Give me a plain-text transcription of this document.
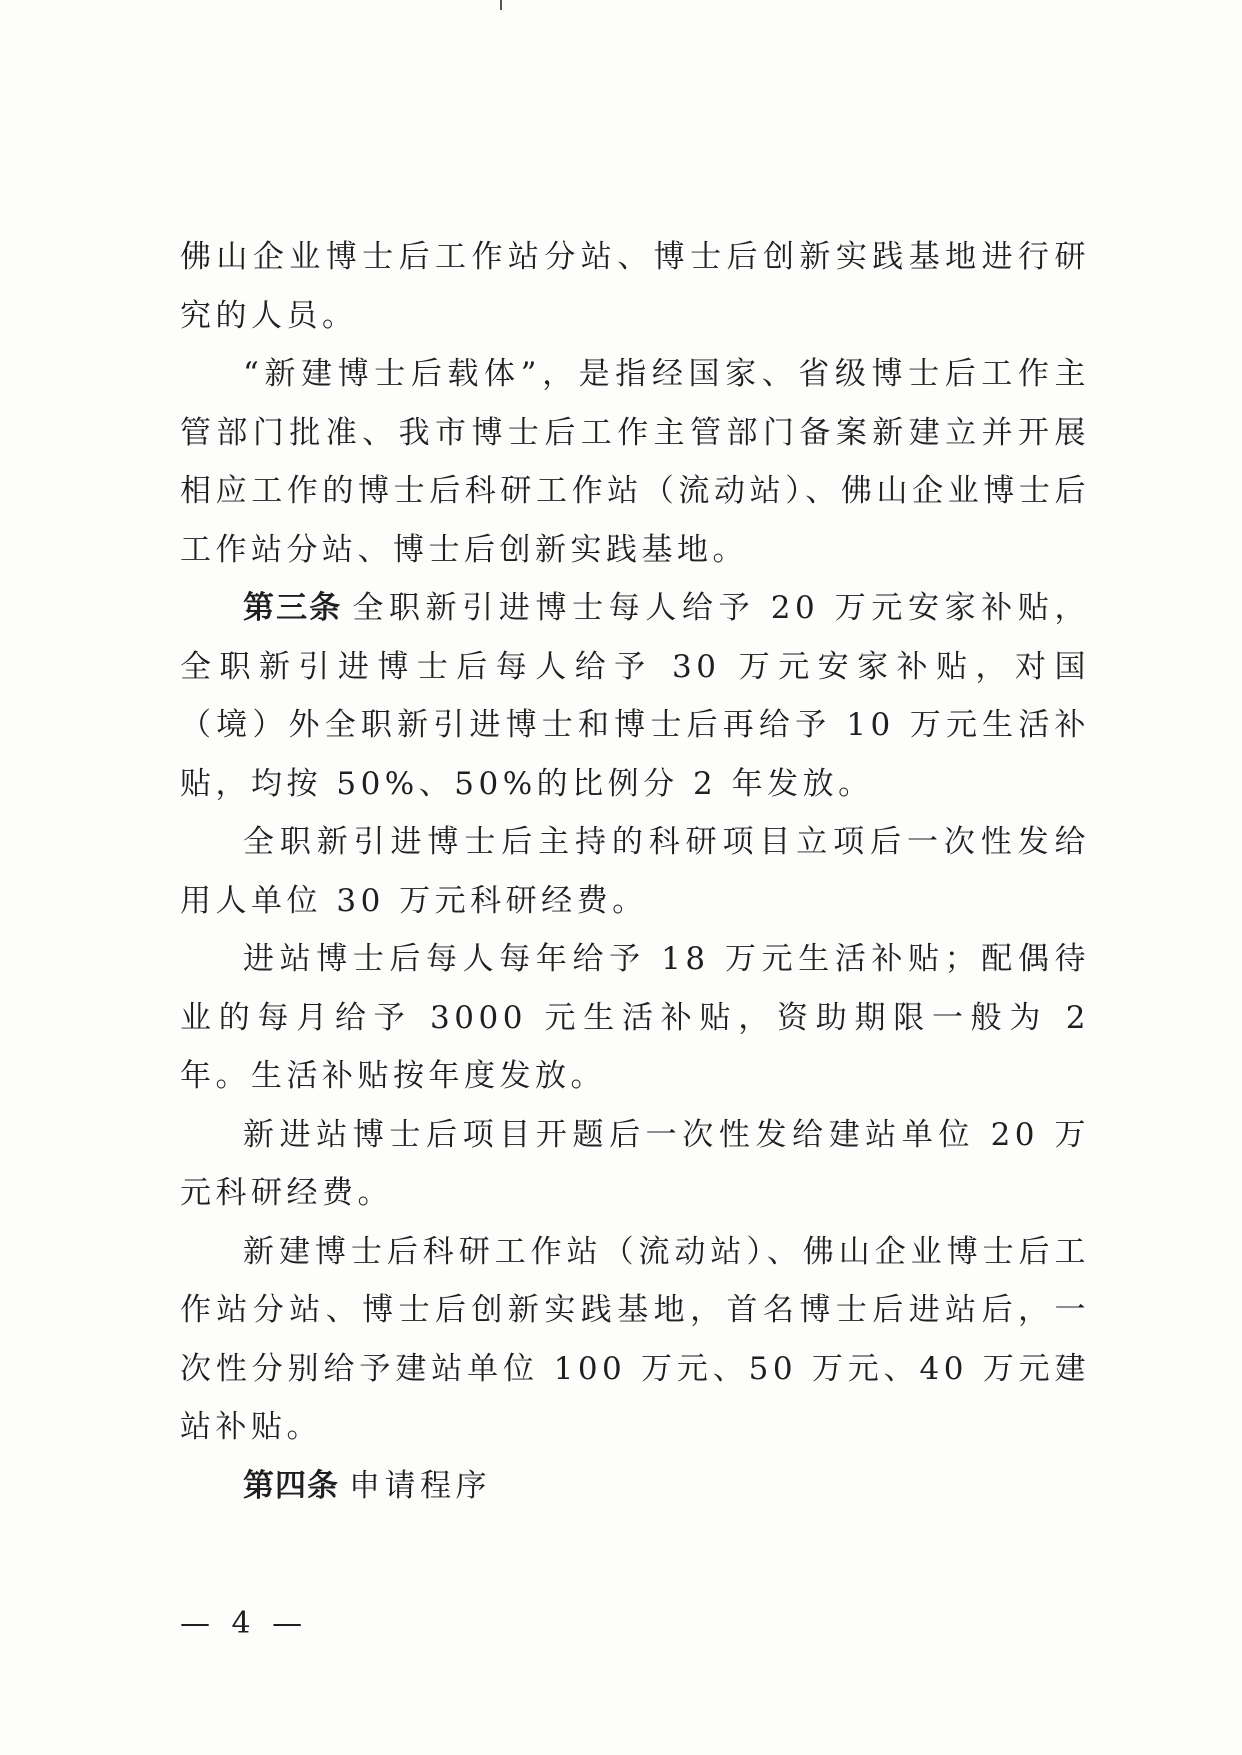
佛山企业博士后工作站分站、博士后创新实践基地进行研究的人员。

“新建博士后载体”，是指经国家、省级博士后工作主管部门批准、我市博士后工作主管部门备案新建立并开展相应工作的博士后科研工作站（流动站）、佛山企业博士后工作站分站、博士后创新实践基地。

第三条 全职新引进博士每人给予 20 万元安家补贴，全职新引进博士后每人给予 30 万元安家补贴，对国（境）外全职新引进博士和博士后再给予 10 万元生活补贴，均按 50%、50%的比例分 2 年发放。

全职新引进博士后主持的科研项目立项后一次性发给用人单位 30 万元科研经费。

进站博士后每人每年给予 18 万元生活补贴；配偶待业的每月给予 3000 元生活补贴，资助期限一般为 2 年。生活补贴按年度发放。

新进站博士后项目开题后一次性发给建站单位 20 万元科研经费。

新建博士后科研工作站（流动站）、佛山企业博士后工作站分站、博士后创新实践基地，首名博士后进站后，一次性分别给予建站单位 100 万元、50 万元、40 万元建站补贴。

第四条 申请程序

— 4 —
